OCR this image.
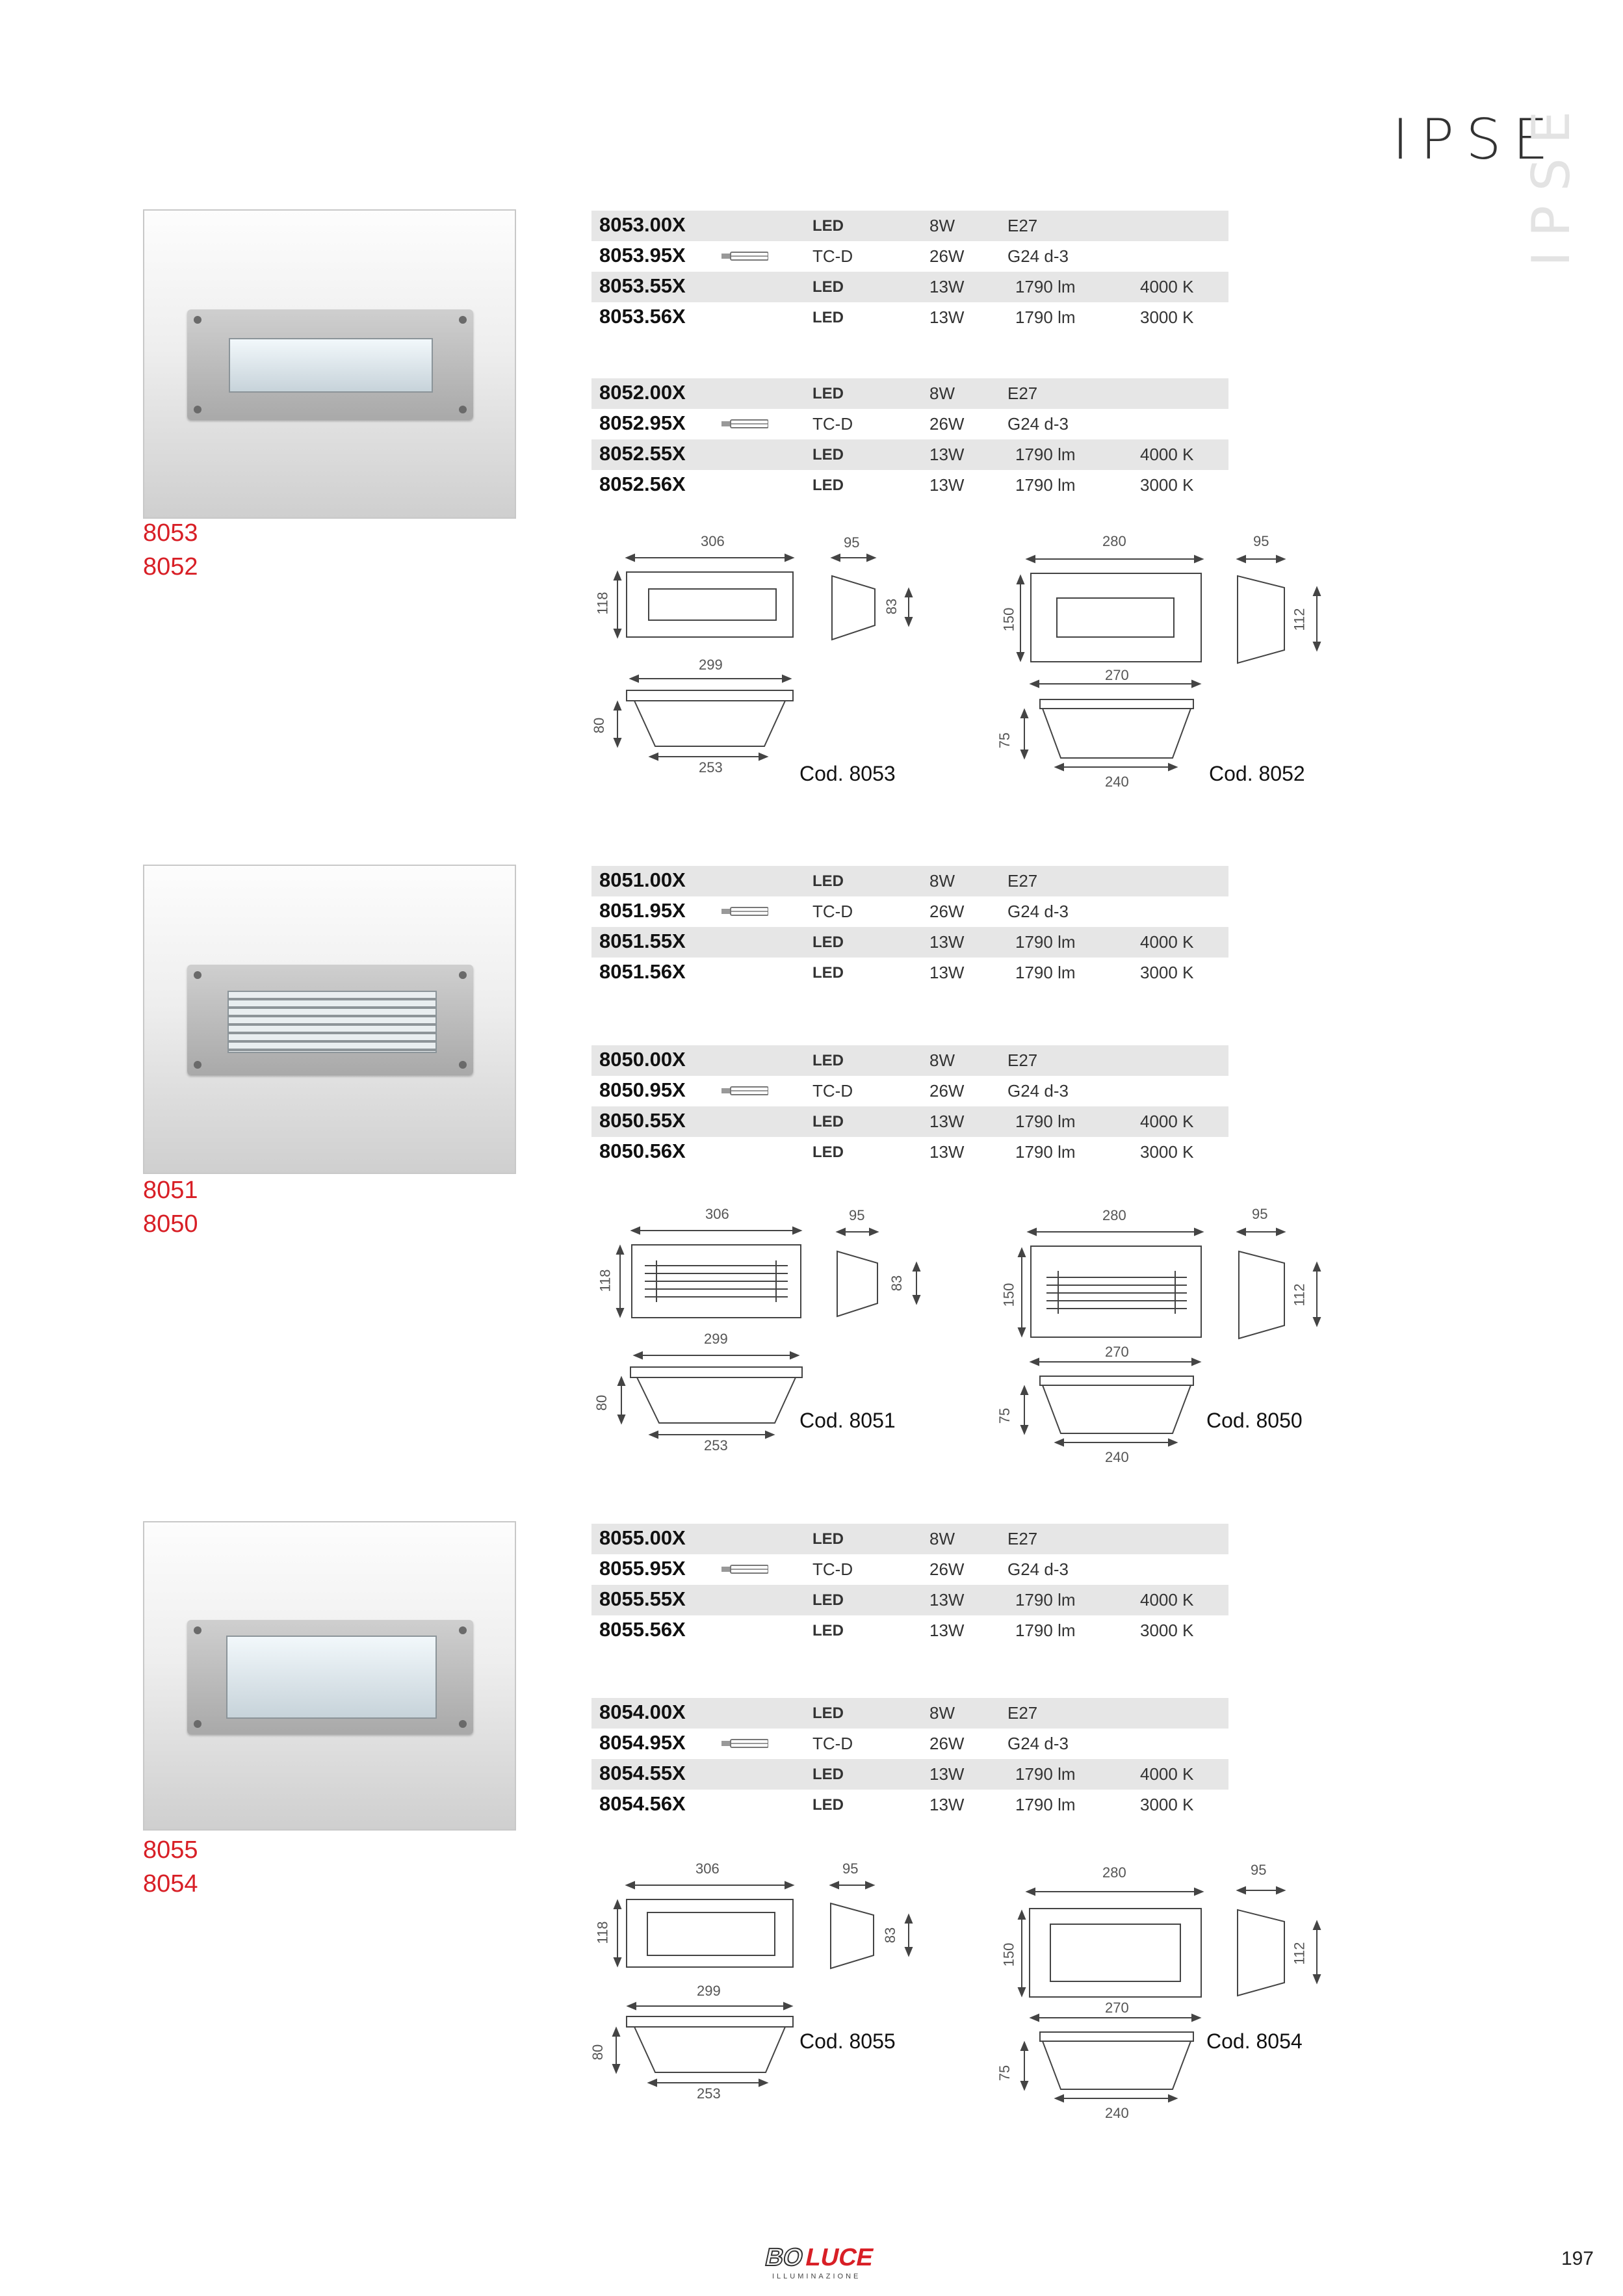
IPSE
IPSE
8053
8052
8053.00X	LED	8W	E27
8053.95X	TC-D	26W	G24 d-3
8053.55X	LED	13W	1790 lm	4000 K
8053.56X	LED	13W	1790 lm	3000 K
8052.00X	LED	8W	E27
8052.95X	TC-D	26W	G24 d-3
8052.55X	LED	13W	1790 lm	4000 K
8052.56X	LED	13W	1790 lm	3000 K
306	95
118	83
299
80
253	Cod. 8053
280	95
150	112
270
75
240	Cod. 8052
8051
8050
8051.00X	LED	8W	E27
8051.95X	TC-D	26W	G24 d-3
8051.55X	LED	13W	1790 lm	4000 K
8051.56X	LED	13W	1790 lm	3000 K
8050.00X	LED	8W	E27
8050.95X	TC-D	26W	G24 d-3
8050.55X	LED	13W	1790 lm	4000 K
8050.56X	LED	13W	1790 lm	3000 K
306	95
118	83
299
80
253
Cod. 8051
280	95
150	112
270
75
240
Cod. 8050
8055
8054
8055.00X	LED	8W	E27
8055.95X	TC-D	26W	G24 d-3
8055.55X	LED	13W	1790 lm	4000 K
8055.56X	LED	13W	1790 lm	3000 K
8054.00X	LED	8W	E27
8054.95X	TC-D	26W	G24 d-3
8054.55X	LED	13W	1790 lm	4000 K
8054.56X	LED	13W	1790 lm	3000 K
306	95
118	83
299
80
253
Cod. 8055
280	95
150	112
270
75
240
Cod. 8054
BO
LUCE
ILLUMINAZIONE
197
